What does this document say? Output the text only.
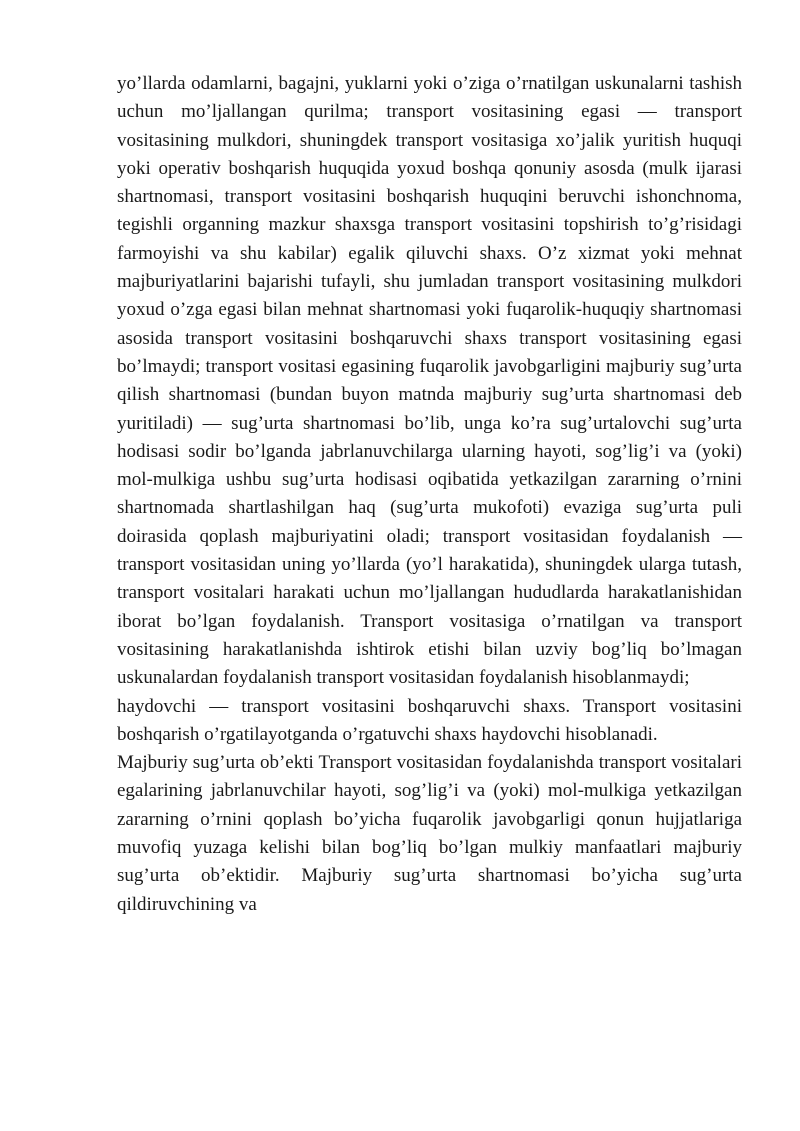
yo’llarda odamlarni, bagajni, yuklarni yoki o’ziga o’rnatilgan uskunalarni tashish uchun mo’ljallangan qurilma; transport vositasining egasi — transport vositasining mulkdori, shuningdek transport vositasiga xo’jalik yuritish huquqi yoki operativ boshqarish huquqida yoxud boshqa qonuniy asosda (mulk ijarasi shartnomasi, transport vositasini boshqarish huquqini beruvchi ishonchnoma, tegishli organning mazkur shaxsga transport vositasini topshirish to’g’risidagi farmoyishi va shu kabilar) egalik qiluvchi shaxs. O’z xizmat yoki mehnat majburiyatlarini bajarishi tufayli, shu jumladan transport vositasining mulkdori yoxud o’zga egasi bilan mehnat shartnomasi yoki fuqarolik-huquqiy shartnomasi asosida transport vositasini boshqaruvchi shaxs transport vositasining egasi bo’lmaydi; transport vositasi egasining fuqarolik javobgarligini majburiy sug’urta qilish shartnomasi (bundan buyon matnda majburiy sug’urta shartnomasi deb yuritiladi) — sug’urta shartnomasi bo’lib, unga ko’ra sug’urtalovchi sug’urta hodisasi sodir bo’lganda jabrlanuvchilarga ularning hayoti, sog’lig’i va (yoki) mol-mulkiga ushbu sug’urta hodisasi oqibatida yetkazilgan zararning o’rnini shartnomada shartlashilgan haq (sug’urta mukofoti) evaziga sug’urta puli doirasida qoplash majburiyatini oladi; transport vositasidan foydalanish — transport vositasidan uning yo’llarda (yo’l harakatida), shuningdek ularga tutash, transport vositalari harakati uchun mo’ljallangan hududlarda harakatlanishidan iborat bo’lgan foydalanish. Transport vositasiga o’rnatilgan va transport vositasining harakatlanishda ishtirok etishi bilan uzviy bog’liq bo’lmagan uskunalardan foydalanish transport vositasidan foydalanish hisoblanmaydi;

haydovchi — transport vositasini boshqaruvchi shaxs. Transport vositasini boshqarish o’rgatilayotganda o’rgatuvchi shaxs haydovchi hisoblanadi.

Majburiy sug’urta ob’ekti Transport vositasidan foydalanishda transport vositalari egalarining jabrlanuvchilar hayoti, sog’lig’i va (yoki) mol-mulkiga yetkazilgan zararning o’rnini qoplash bo’yicha fuqarolik javobgarligi qonun hujjatlariga muvofiq yuzaga kelishi bilan bog’liq bo’lgan mulkiy manfaatlari majburiy sug’urta ob’ektidir. Majburiy sug’urta shartnomasi bo’yicha sug’urta qildiruvchining va
